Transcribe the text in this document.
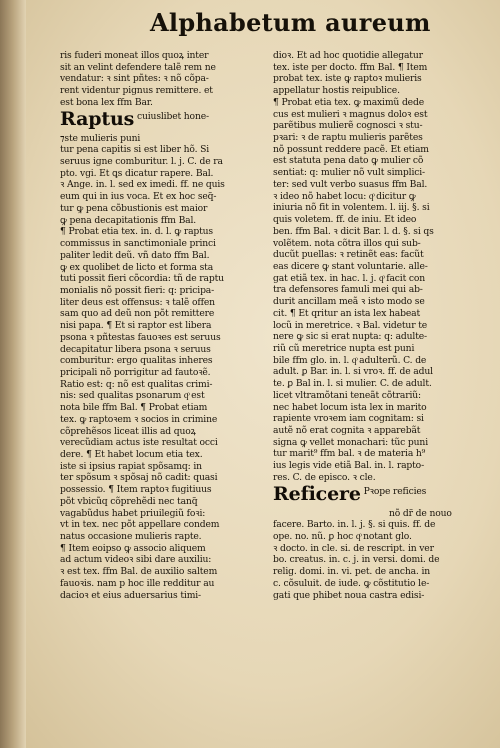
Alphabetum aureum
ris fuderi moneat illos quoꝝ inter
sit an velint defendere talẽ rem ne
vendatur: ꝛ sint pñtes: ꝛ nõ cõpa-
rent videntur pignus remittere. et
est bona lex ffm Bar.
Raptus cuiuslibet hone-
⁊ste mulieris puni
tur pena capitis si est liber hõ. Si
seruus igne comburitur. l. j. C. de ra
pto. vgi. Et ꝗs dicatur rapere. Bal.
ꝛ Ange. in. l. sed ex imedi. ff. ne quis
eum qui in ius voca. Et ex hoc seq̃-
tur ꝙ pena cõbustionis est maior
ꝙ pena decapitationis ffm Bal.
¶ Probat etia tex. in. d. l. ꝙ raptus
commissus in sanctimoniale princi
paliter ledit deũ. vñ dato ffm Bal.
ꝙ ex quolibet de licto et forma sta
tuti possit fieri cõcordia: tñ de raptu
monialis nõ possit fieri: q: pricipa-
liter deus est offensus: ꝛ talẽ offen
sam quo ad deũ non põt remittere
nisi papa. ¶ Et si raptor est libera
psona ꝛ pñtestas fauoꝛes est seruus
decapitatur libera psona ꝛ seruus
comburitur: ergo qualitas inheres
pricipali nõ porrigitur ad fautoꝛẽ.
Ratio est: q: nõ est qualitas crimi-
nis: sed qualitas psonarum qͦ est
nota bile ffm Bal. ¶ Probat etiam
tex. ꝙ raptoꝛem ꝛ socios in crimine
cõprehẽsos liceat illis ad quoꝝ
verecũdiam actus iste resultat occi
dere. ¶ Et habet locum etia tex.
iste si ipsius rapiat spõsamq: in
ter spõsum ꝛ spõsaj nõ cadit: quasi
possessio. ¶ Item raptoꝛ fugitiuus
põt vbicũq cõprehẽdi nec tanq̃
vagabũdus habet priuilegiũ foꝛi:
vt in tex. nec põt appellare condem
natus occasione mulieris rapte.
¶ Item eoipso ꝙ associo aliquem
ad actum videoꝛ sibi dare auxiliu:
ꝛ est tex. ffm Bal. de auxilio saltem
fauoꝛis. nam p hoc ille redditur au
dacioꝛ et eius aduersarius timi-
dioꝛ. Et ad hoc quotidie allegatur
tex. iste per docto. ffm Bal. ¶ Item
probat tex. iste ꝙ raptoꝛ mulieris
appellatur hostis reipublice.
¶ Probat etia tex. ꝙ maximũ dede
cus est mulieri ꝛ magnus doloꝛ est
parẽtibus mulierẽ cognosci ꝛ stu-
pꝛari: ꝛ de raptu mulieris parẽtes
nõ possunt reddere pacẽ. Et etiam
est statuta pena dato ꝙ mulier cõ
sentiat: q: mulier nõ vult simplici-
ter: sed vult verbo suasus ffm Bal.
ꝛ ideo nõ habet locu: qͦ dicitur ꝙ
iniuria nõ fit in volentem. l. iij. §. si
quis voletem. ff. de iniu. Et ideo
ben. ffm Bal. ꝛ dicit Bar. l. d. §. si qs
volẽtem. nota cõtra illos qui sub-
ducũt puellas: ꝛ retinẽt eas: facũt
eas dicere ꝙ stant voluntarie. alle-
gat etiã tex. in hac. l. j. qͦ facit con
tra defensores famuli mei qui ab-
durit ancillam meã ꝛ isto modo se
cit. ¶ Et qritur an ista lex habeat
locũ in meretrice. ꝛ Bal. videtur te
nere ꝙ sic si erat nupta: q: adulte-
riũ cũ meretrice nupta est puni
bile ffm glo. in. l. qͦ adulterũ. C. de
adult. ꝑ Bar. in. l. si vroꝛ. ff. de adul
te. ꝑ Bal in. l. si mulier. C. de adult.
licet vltramõtani teneãt cõtrariũ:
nec habet locum ista lex in marito
rapiente vroꝛem iam cognitam: si
autẽ nõ erat cognita ꝛ apparebãt
signa ꝙ vellet monachari: tũc puni
tur marit⁹ ffm bal. ꝛ de materia h⁹
ius legis vide etiã Bal. in. l. rapto-
res. C. de episco. ꝛ cle.
Reficere Pꝛope reficies
nõ dr̃ de nouo
facere. Barto. in. l. j. §. si quis. ff. de
ope. no. nũ. ꝑ hoc qͦ notant glo.
ꝛ docto. in cle. si. de rescript. in ver
bo. creatus. in. c. j. in versi. domi. de
relig. domi. in. vi. pet. de ancha. in
c. cõsuluit. de iude. ꝙ cõstitutio le-
gati que phibet noua castra edisi-
